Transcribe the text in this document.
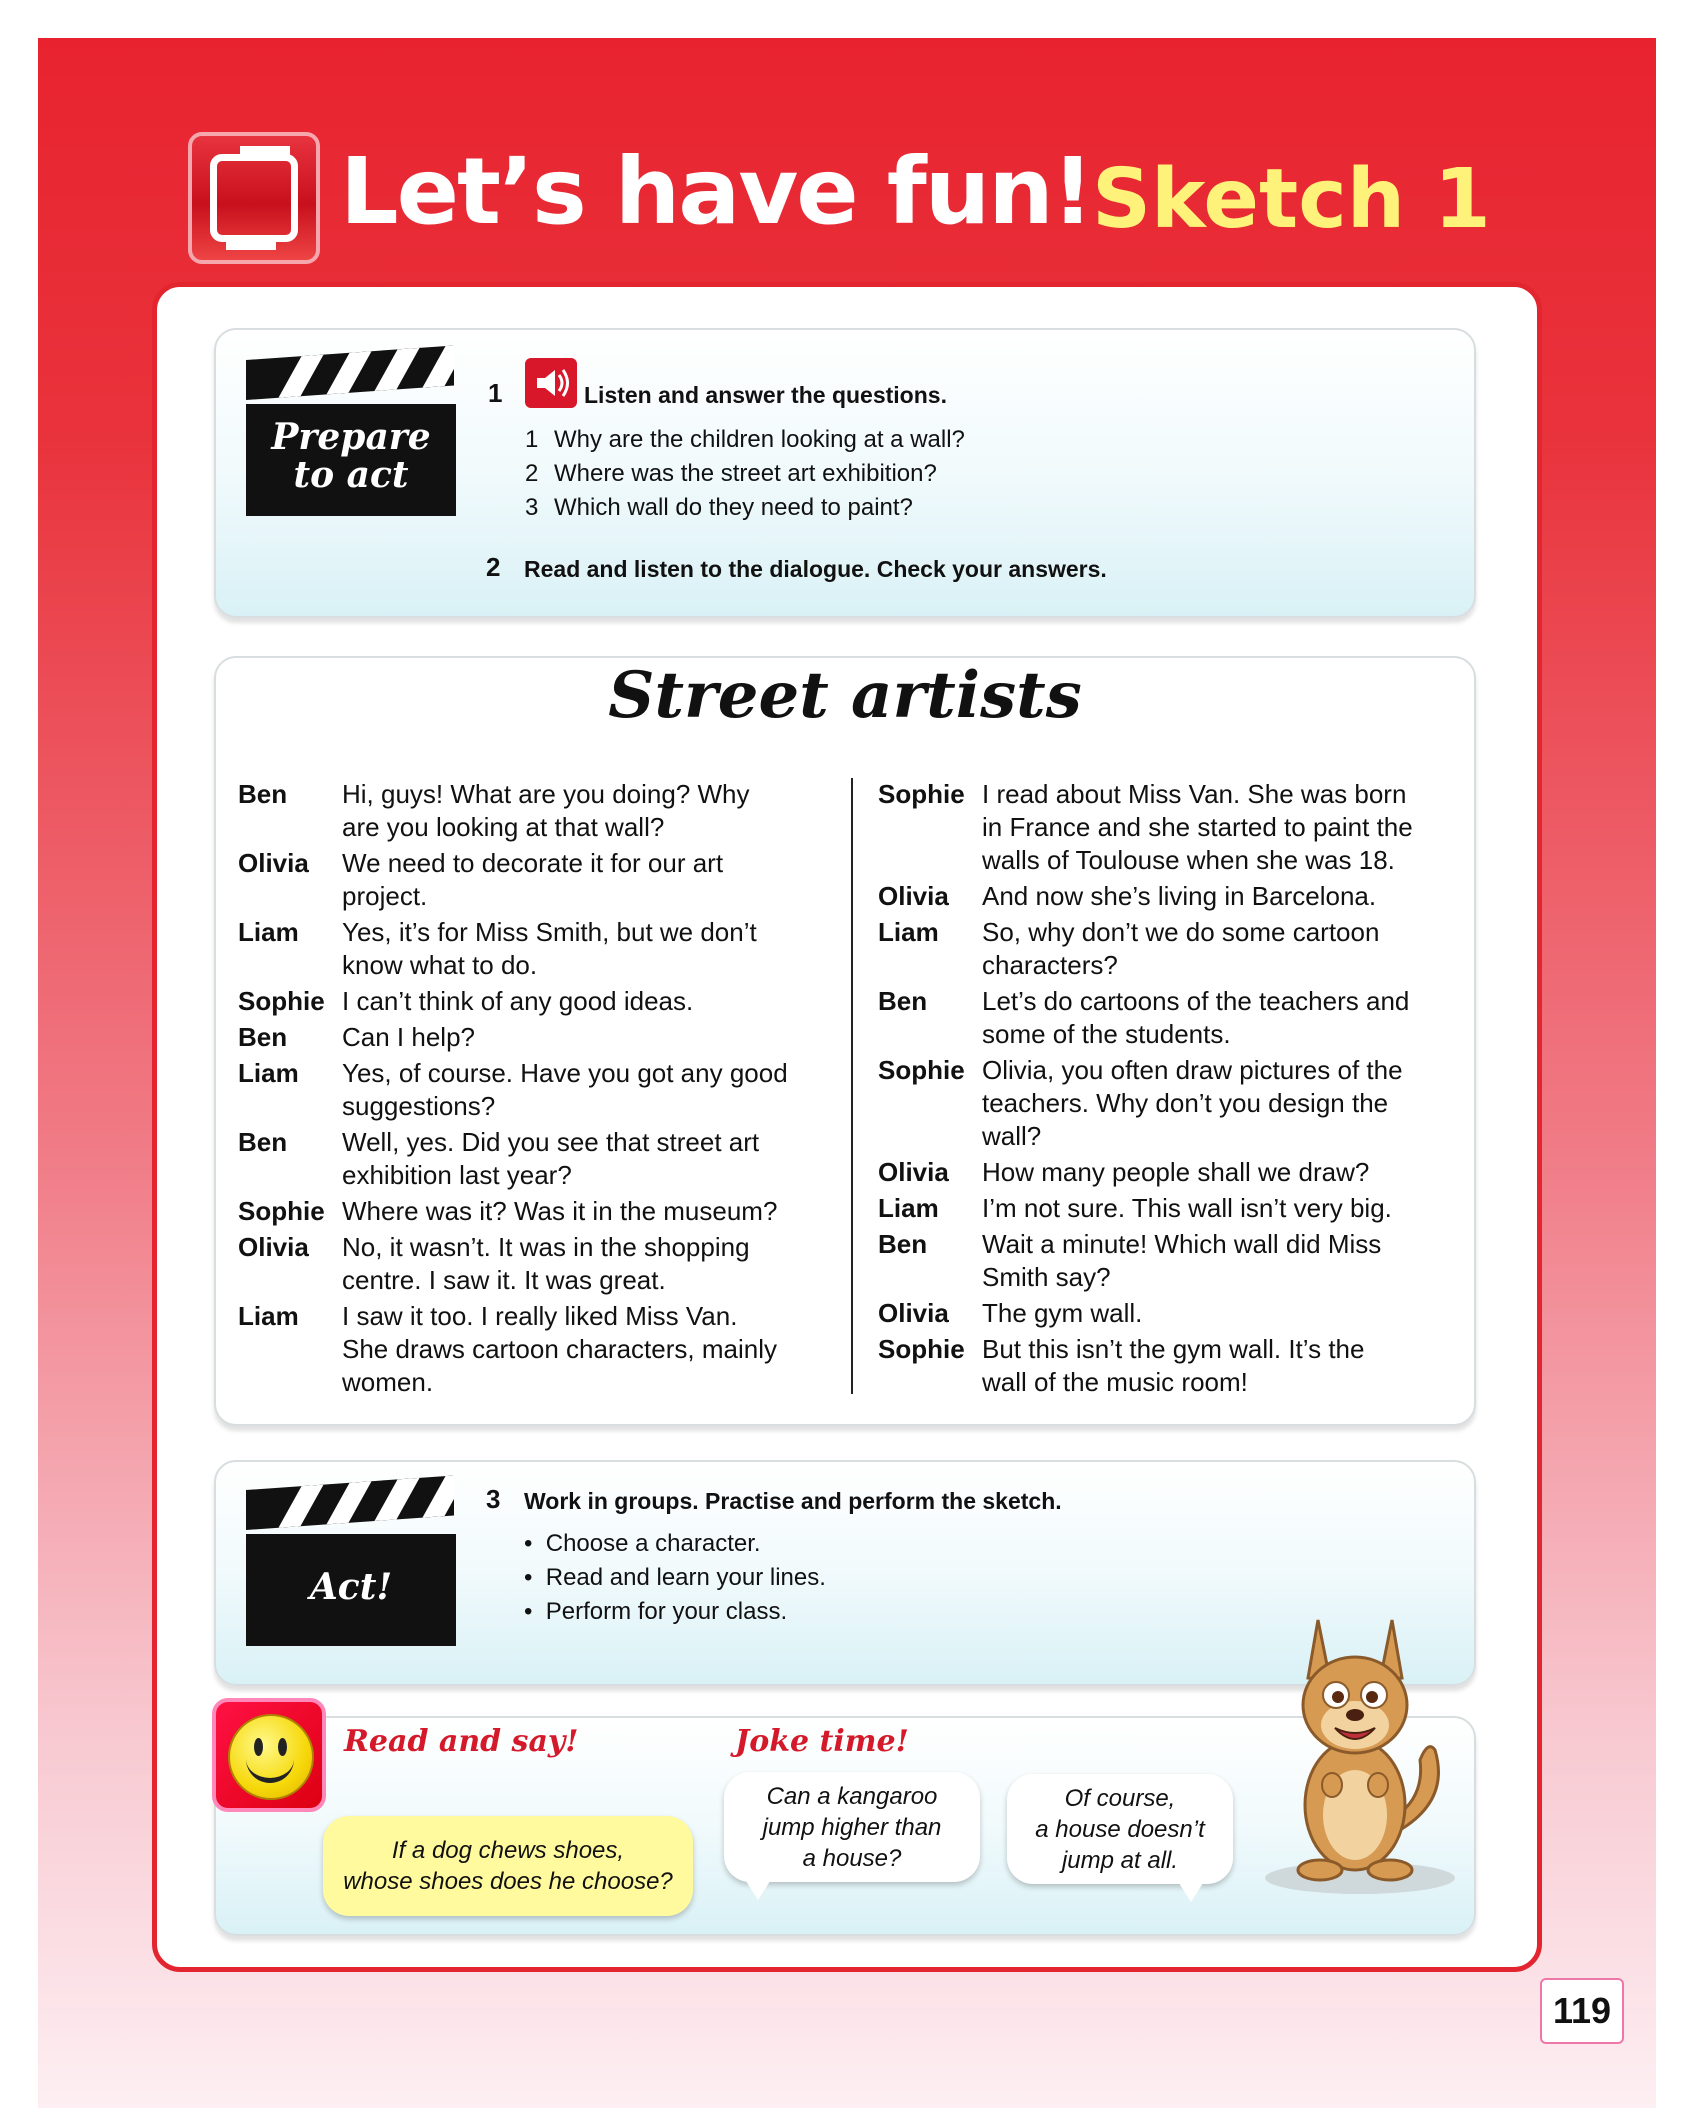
Let’s have fun! Sketch 1
Prepare
to act
1	Listen and answer the questions.
1 Why are the children looking at a wall?
2 Where was the street art exhibition?
3 Which wall do they need to paint?
2 Read and listen to the dialogue. Check your answers.
Street artists
Ben Hi, guys! What are you doing? Why
are you looking at that wall?
Olivia We need to decorate it for our art
project.
Liam Yes, it’s for Miss Smith, but we don’t
know what to do.
Sophie I can’t think of any good ideas.
Ben Can I help?
Liam Yes, of course. Have you got any good
suggestions?
Ben Well, yes. Did you see that street art
exhibition last year?
Sophie Where was it? Was it in the museum?
Olivia No, it wasn’t. It was in the shopping
centre. I saw it. It was great.
Liam I saw it too. I really liked Miss Van.
She draws cartoon characters, mainly
women.
Sophie I read about Miss Van. She was born
in France and she started to paint the
walls of Toulouse when she was 18.
Olivia And now she’s living in Barcelona.
Liam So, why don’t we do some cartoon
characters?
Ben Let’s do cartoons of the teachers and
some of the students.
Sophie Olivia, you often draw pictures of the
teachers. Why don’t you design the
wall?
Olivia How many people shall we draw?
Liam I’m not sure. This wall isn’t very big.
Ben Wait a minute! Which wall did Miss
Smith say?
Olivia The gym wall.
Sophie But this isn’t the gym wall. It’s the
wall of the music room!
Act!
3 Work in groups. Practise and perform the sketch.
•  Choose a character.
•  Read and learn your lines.
•  Perform for your class.
Read and say!	Joke time!
If a dog chews shoes,
whose shoes does he choose?
Can a kangaroo
jump higher than
a house?
Of course,
a house doesn’t
jump at all.
119
